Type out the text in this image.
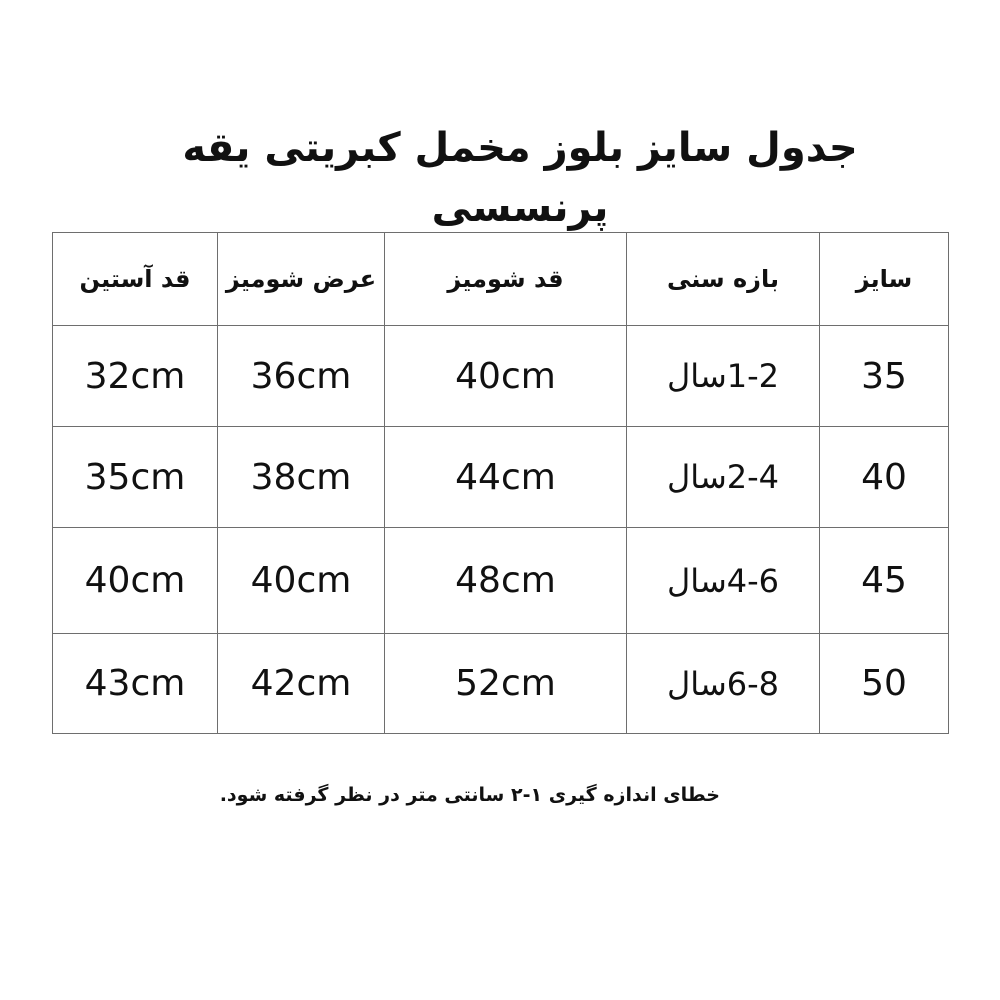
جدول سایز بلوز مخمل کبریتی یقه پرنسسی
سایز	بازه سنی	قد شومیز	عرض شومیز	قد آستین
35	1-2سال	40cm	36cm	32cm
40	2-4سال	44cm	38cm	35cm
45	4-6سال	48cm	40cm	40cm
50	6-8سال	52cm	42cm	43cm
خطای اندازه گیری ۱-۲ سانتی متر در نظر گرفته شود.
